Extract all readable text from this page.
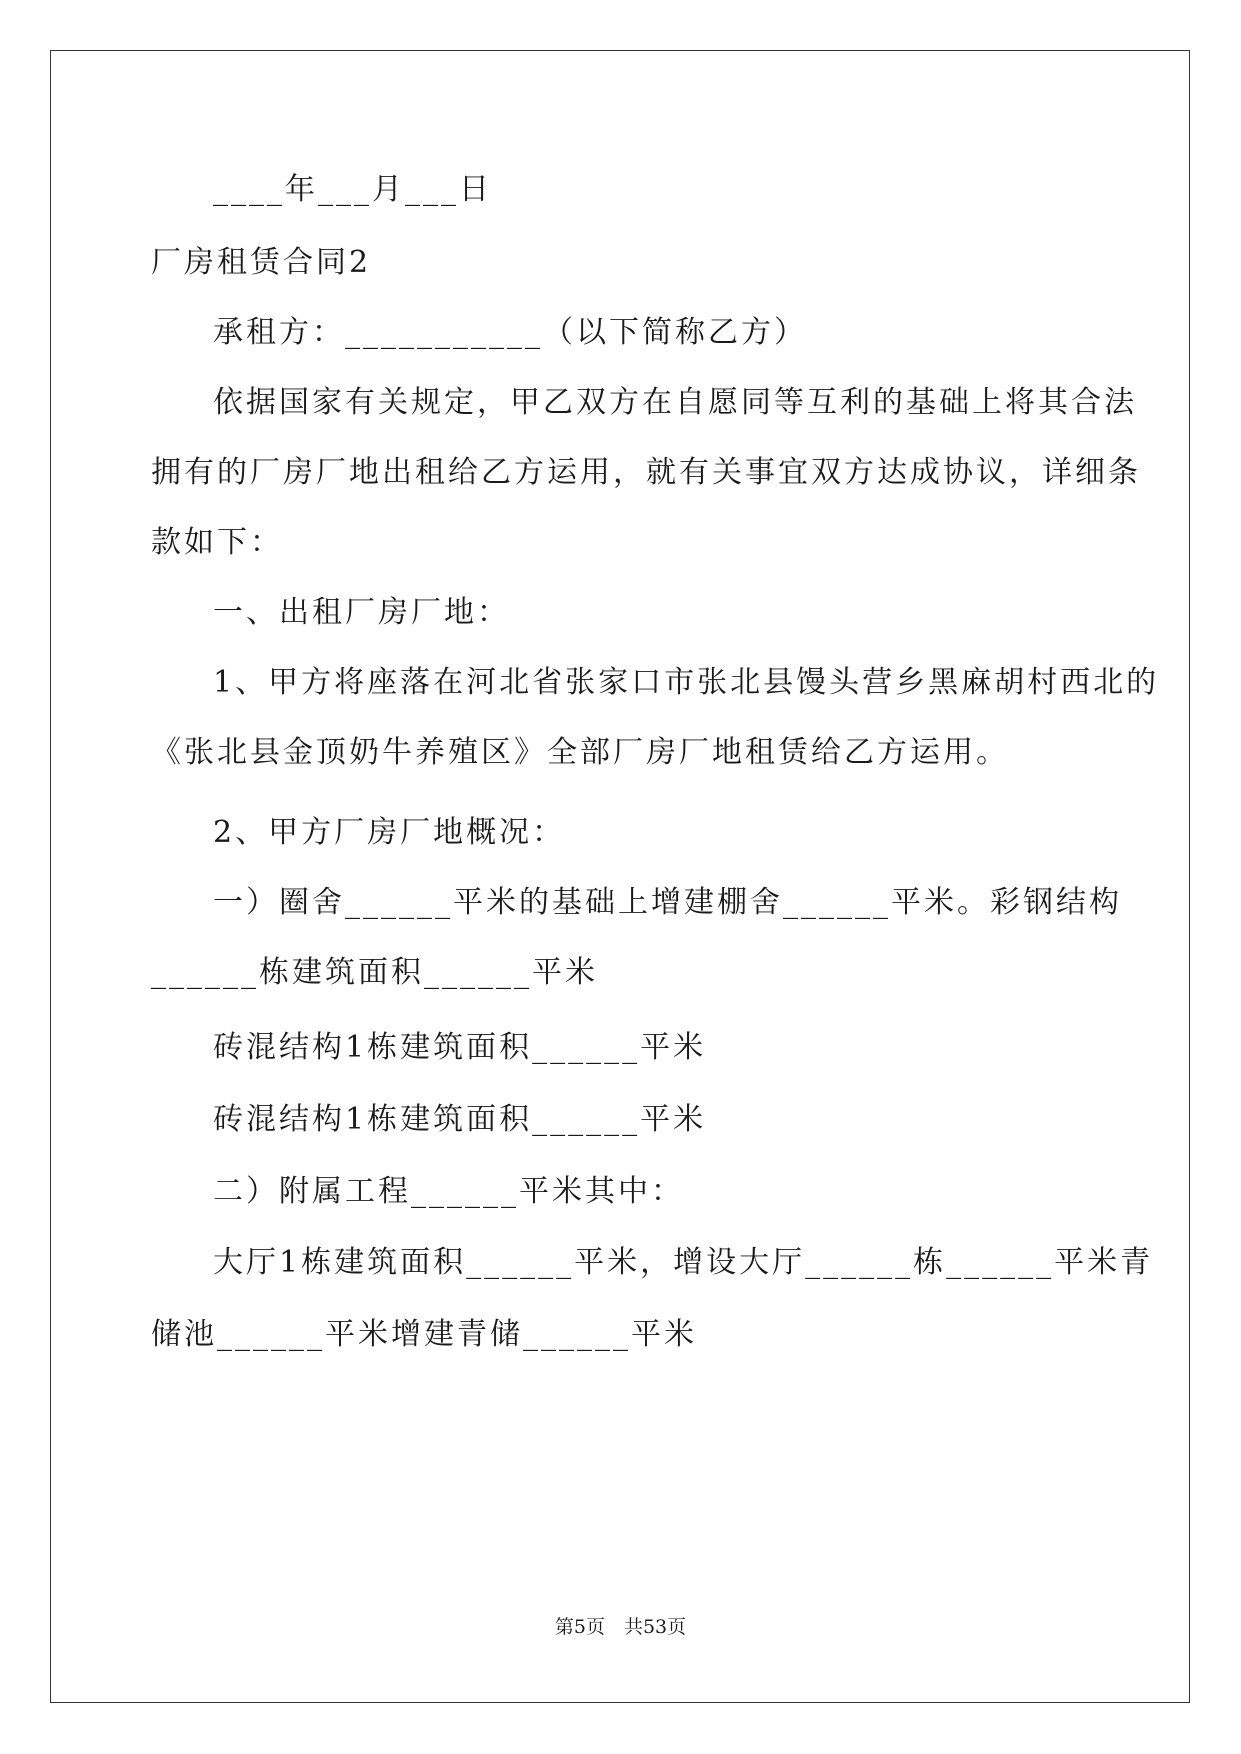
____年___月___日
厂房租赁合同2
承租方：___________（以下简称乙方）
依据国家有关规定，甲乙双方在自愿同等互利的基础上将其合法
拥有的厂房厂地出租给乙方运用，就有关事宜双方达成协议，详细条
款如下：
一、出租厂房厂地：
1、甲方将座落在河北省张家口市张北县馒头营乡黑麻胡村西北的
《张北县金顶奶牛养殖区》全部厂房厂地租赁给乙方运用。
2、甲方厂房厂地概况：
一）圈舍______平米的基础上增建棚舍______平米。彩钢结构
______栋建筑面积______平米
砖混结构1栋建筑面积______平米
砖混结构1栋建筑面积______平米
二）附属工程______平米其中：
大厅1栋建筑面积______平米，增设大厅______栋______平米青
储池______平米增建青储______平米
第5页　共53页
